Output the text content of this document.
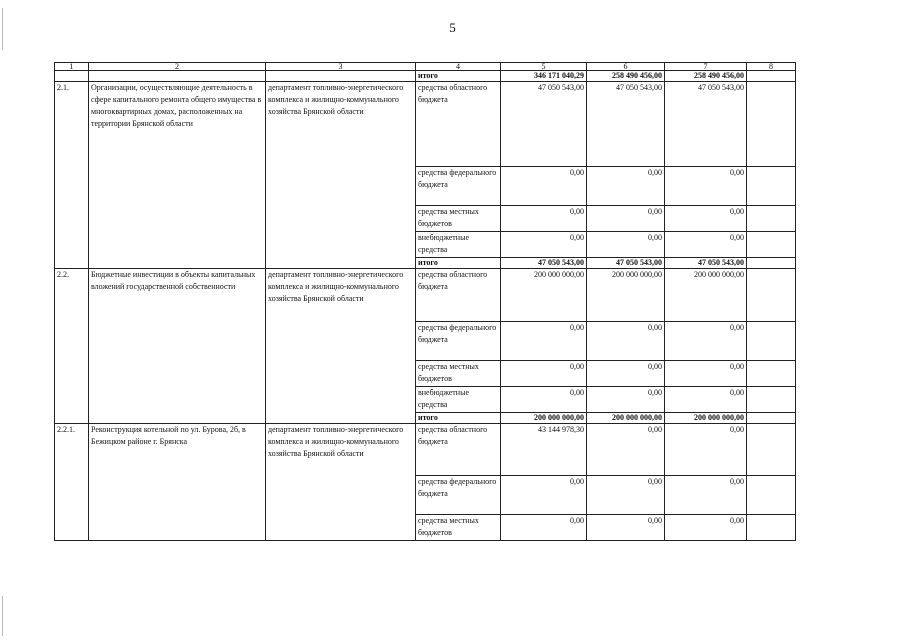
5
1	2	3	4	5	6	7	8
			итого	346 171 040,29	258 490 456,00	258 490 456,00	
2.1.	Организации, осуществляющие деятельность в сфере капитального ремонта общего имущества в многоквартирных домах, расположенных на территории Брянской области	департамент топливно-энергетического комплекса и жилищно-коммунального хозяйства Брянской области	средства областного бюджета	47 050 543,00	47 050 543,00	47 050 543,00	
			средства федерального бюджета	0,00	0,00	0,00	
			средства местных бюджетов	0,00	0,00	0,00	
			внебюджетные средства	0,00	0,00	0,00	
			итого	47 050 543,00	47 050 543,00	47 050 543,00	
2.2.	Бюджетные инвестиции в объекты капитальных вложений государственной собственности	департамент топливно-энергетического комплекса и жилищно-коммунального хозяйства Брянской области	средства областного бюджета	200 000 000,00	200 000 000,00	200 000 000,00	
			средства федерального бюджета	0,00	0,00	0,00	
			средства местных бюджетов	0,00	0,00	0,00	
			внебюджетные средства	0,00	0,00	0,00	
			итого	200 000 000,00	200 000 000,00	200 000 000,00	
2.2.1.	Реконструкция котельной по ул. Бурова, 2б, в Бежицком районе г. Брянска	департамент топливно-энергетического комплекса и жилищно-коммунального хозяйства Брянской области	средства областного бюджета	43 144 978,30	0,00	0,00	
			средства федерального бюджета	0,00	0,00	0,00	
			средства местных бюджетов	0,00	0,00	0,00	
